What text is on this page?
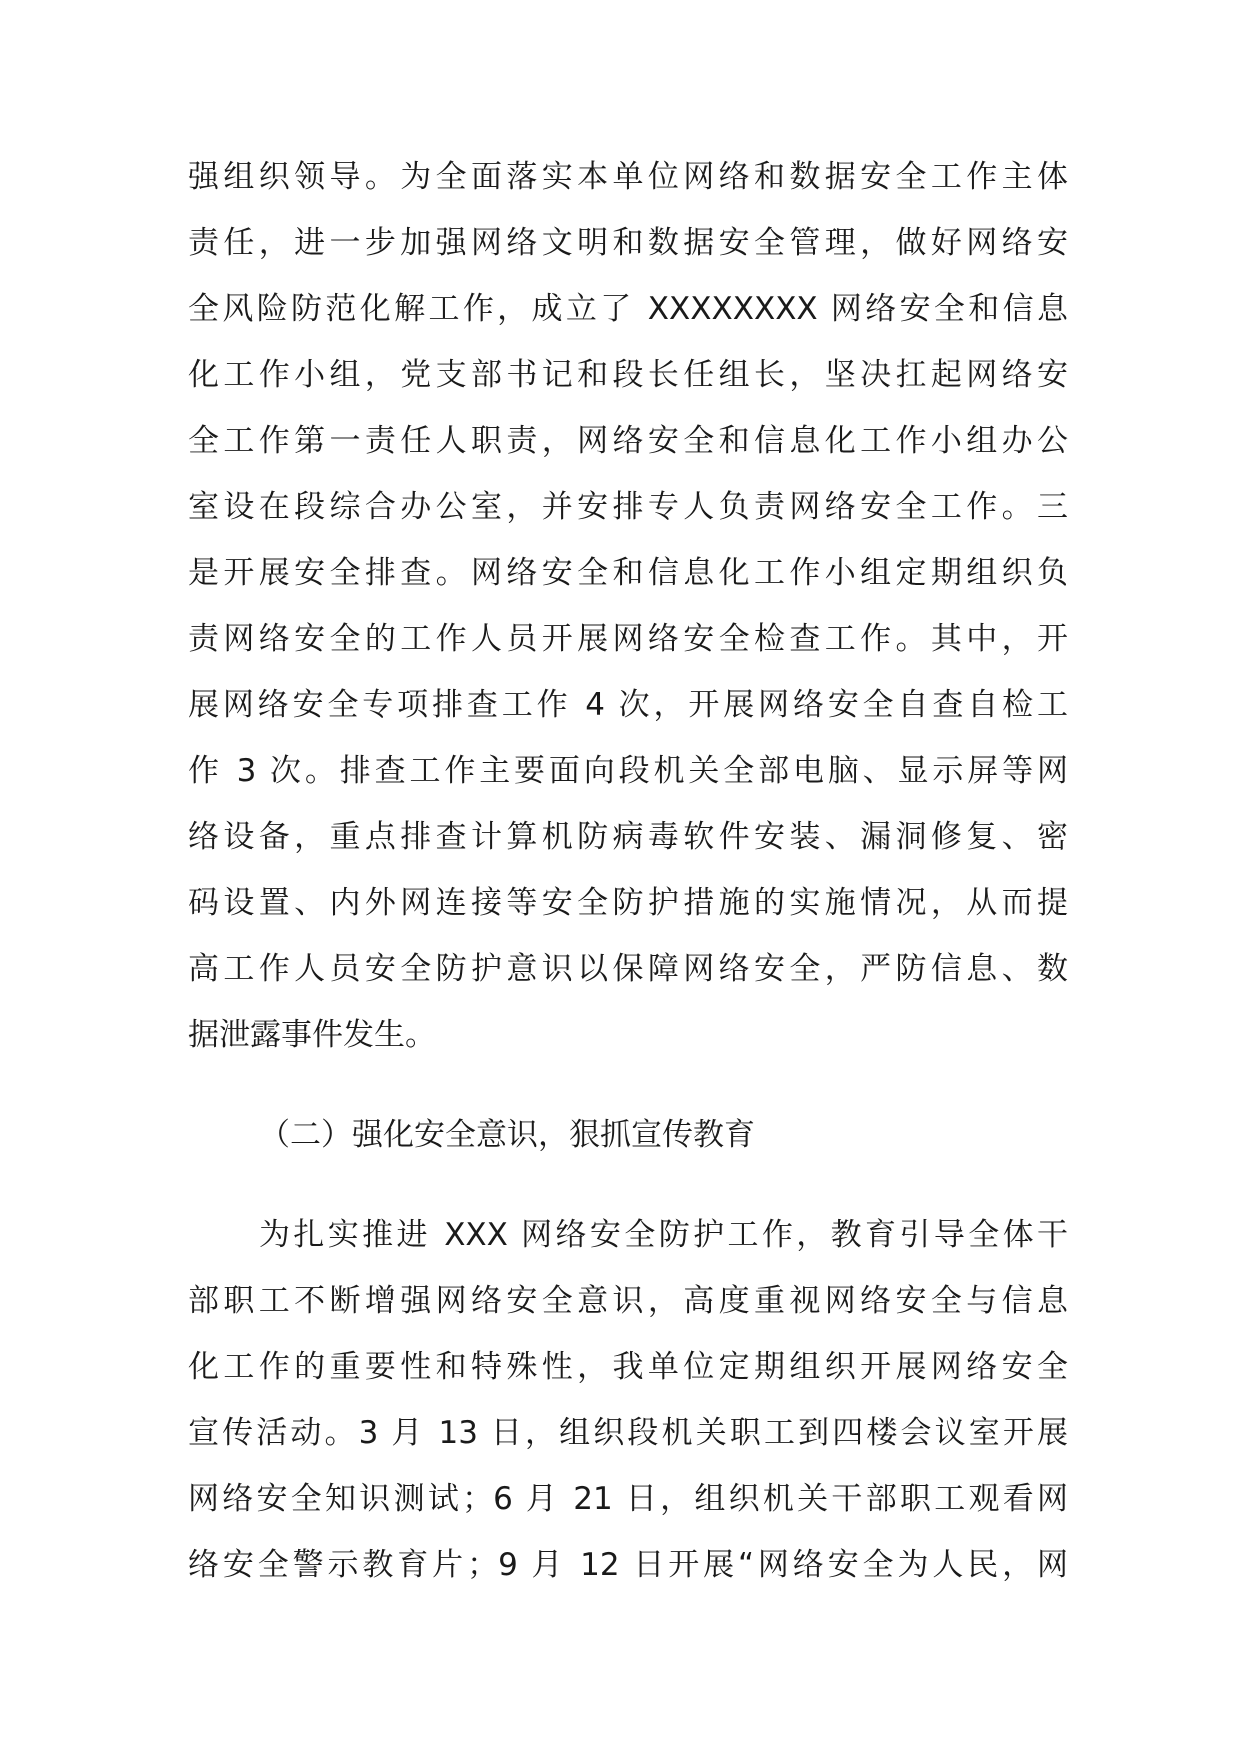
强组织领导。为全面落实本单位网络和数据安全工作主体
责任，进一步加强网络文明和数据安全管理，做好网络安
全风险防范化解工作，成立了 XXXXXXXX 网络安全和信息
化工作小组，党支部书记和段长任组长，坚决扛起网络安
全工作第一责任人职责，网络安全和信息化工作小组办公
室设在段综合办公室，并安排专人负责网络安全工作。三
是开展安全排查。网络安全和信息化工作小组定期组织负
责网络安全的工作人员开展网络安全检查工作。其中，开
展网络安全专项排查工作 4 次，开展网络安全自查自检工
作 3 次。排查工作主要面向段机关全部电脑、显示屏等网
络设备，重点排查计算机防病毒软件安装、漏洞修复、密
码设置、内外网连接等安全防护措施的实施情况，从而提
高工作人员安全防护意识以保障网络安全，严防信息、数
据泄露事件发生。
（二）强化安全意识，狠抓宣传教育
为扎实推进 XXX 网络安全防护工作，教育引导全体干
部职工不断增强网络安全意识，高度重视网络安全与信息
化工作的重要性和特殊性，我单位定期组织开展网络安全
宣传活动。3 月 13 日，组织段机关职工到四楼会议室开展
网络安全知识测试；6 月 21 日，组织机关干部职工观看网
络安全警示教育片；9 月 12 日开展“网络安全为人民，网
